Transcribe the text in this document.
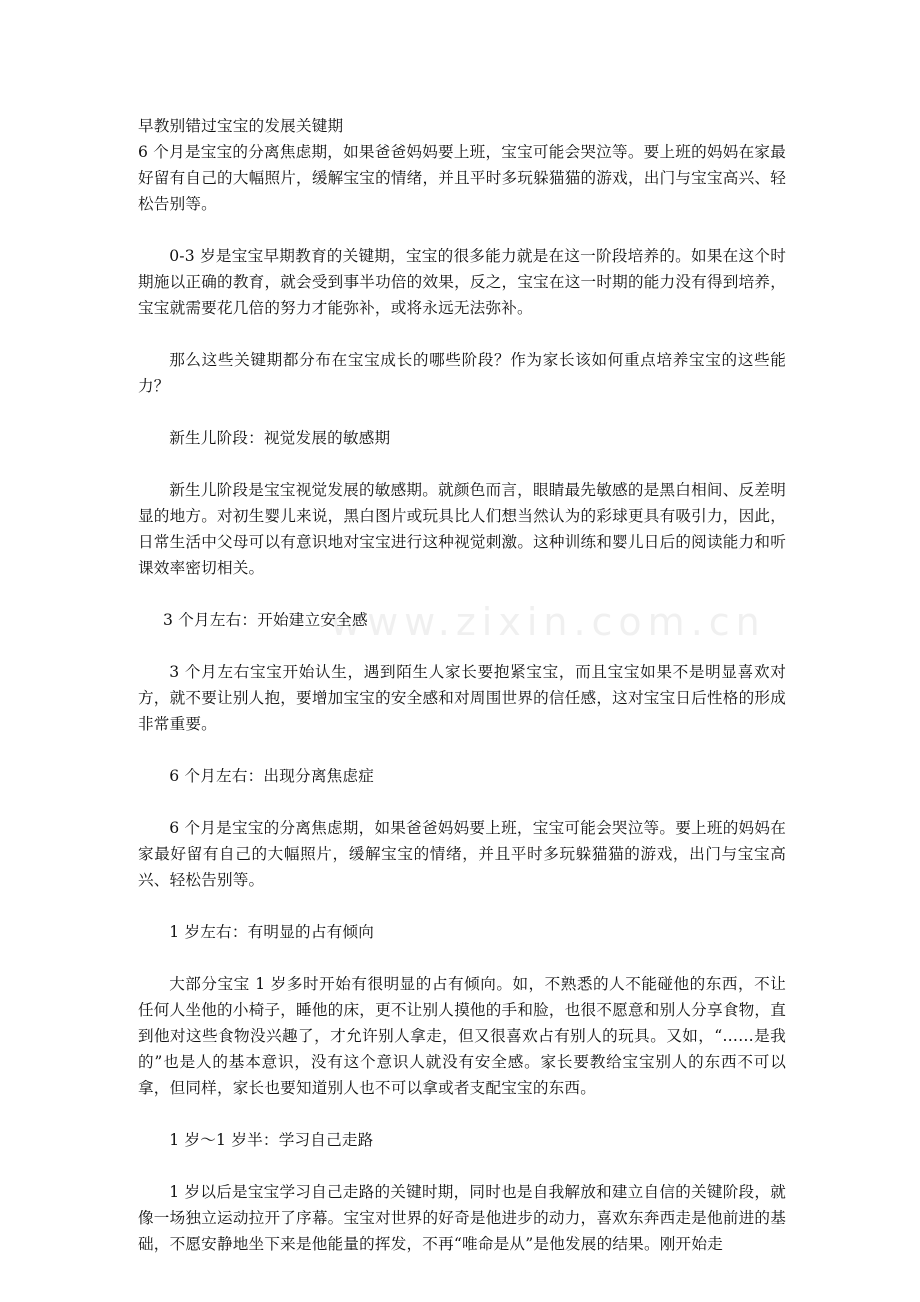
www.zixin.com.cn

早教别错过宝宝的发展关键期

6 个月是宝宝的分离焦虑期，如果爸爸妈妈要上班，宝宝可能会哭泣等。要上班的妈妈在家最好留有自己的大幅照片，缓解宝宝的情绪，并且平时多玩躲猫猫的游戏，出门与宝宝高兴、轻松告别等。

0-3 岁是宝宝早期教育的关键期，宝宝的很多能力就是在这一阶段培养的。如果在这个时期施以正确的教育，就会受到事半功倍的效果，反之，宝宝在这一时期的能力没有得到培养，宝宝就需要花几倍的努力才能弥补，或将永远无法弥补。

那么这些关键期都分布在宝宝成长的哪些阶段？作为家长该如何重点培养宝宝的这些能力？

新生儿阶段：视觉发展的敏感期

新生儿阶段是宝宝视觉发展的敏感期。就颜色而言，眼睛最先敏感的是黑白相间、反差明显的地方。对初生婴儿来说，黑白图片或玩具比人们想当然认为的彩球更具有吸引力，因此，日常生活中父母可以有意识地对宝宝进行这种视觉刺激。这种训练和婴儿日后的阅读能力和听课效率密切相关。

3 个月左右：开始建立安全感

3 个月左右宝宝开始认生，遇到陌生人家长要抱紧宝宝，而且宝宝如果不是明显喜欢对方，就不要让别人抱，要增加宝宝的安全感和对周围世界的信任感，这对宝宝日后性格的形成非常重要。

6 个月左右：出现分离焦虑症

6 个月是宝宝的分离焦虑期，如果爸爸妈妈要上班，宝宝可能会哭泣等。要上班的妈妈在家最好留有自己的大幅照片，缓解宝宝的情绪，并且平时多玩躲猫猫的游戏，出门与宝宝高兴、轻松告别等。

1 岁左右：有明显的占有倾向

大部分宝宝 1 岁多时开始有很明显的占有倾向。如，不熟悉的人不能碰他的东西，不让任何人坐他的小椅子，睡他的床，更不让别人摸他的手和脸，也很不愿意和别人分享食物，直到他对这些食物没兴趣了，才允许别人拿走，但又很喜欢占有别人的玩具。又如，“……是我的”也是人的基本意识，没有这个意识人就没有安全感。家长要教给宝宝别人的东西不可以拿，但同样，家长也要知道别人也不可以拿或者支配宝宝的东西。

1 岁～1 岁半：学习自己走路

1 岁以后是宝宝学习自己走路的关键时期，同时也是自我解放和建立自信的关键阶段，就像一场独立运动拉开了序幕。宝宝对世界的好奇是他进步的动力，喜欢东奔西走是他前进的基础，不愿安静地坐下来是他能量的挥发，不再“唯命是从”是他发展的结果。刚开始走
